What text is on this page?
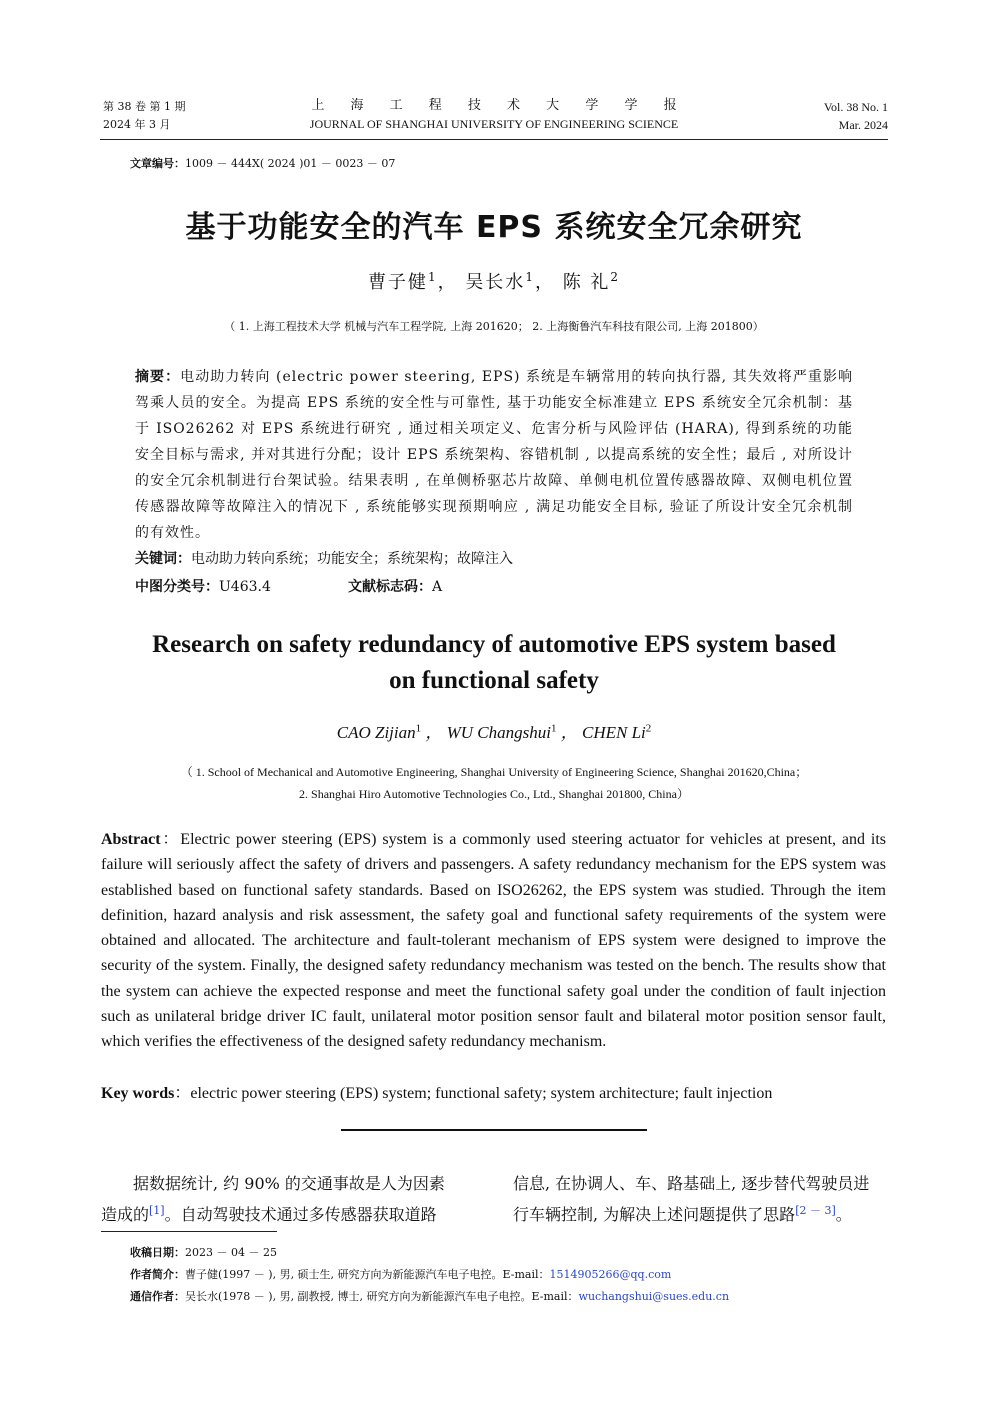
第 38 卷 第 1 期
2024 年 3 月
上 海 工 程 技 术 大 学 学 报
JOURNAL OF SHANGHAI UNIVERSITY OF ENGINEERING SCIENCE
Vol. 38 No. 1
Mar. 2024
文章编号：1009 － 444X( 2024 )01 － 0023 － 07
基于功能安全的汽车 EPS 系统安全冗余研究
曹子健$^1$， 吴长水$^1$， 陈 礼$^2$
（ 1. 上海工程技术大学 机械与汽车工程学院, 上海 201620； 2. 上海衡鲁汽车科技有限公司, 上海 201800）
摘要：电动助力转向 (electric power steering, EPS) 系统是车辆常用的转向执行器, 其失效将严重影响驾乘人员的安全。为提高 EPS 系统的安全性与可靠性, 基于功能安全标准建立 EPS 系统安全冗余机制：基于 ISO26262 对 EPS 系统进行研究 , 通过相关项定义、危害分析与风险评估 (HARA), 得到系统的功能安全目标与需求, 并对其进行分配；设计 EPS 系统架构、容错机制 , 以提高系统的安全性；最后 , 对所设计的安全冗余机制进行台架试验。结果表明 , 在单侧桥驱芯片故障、单侧电机位置传感器故障、双侧电机位置传感器故障等故障注入的情况下 , 系统能够实现预期响应 , 满足功能安全目标, 验证了所设计安全冗余机制的有效性。
关键词：电动助力转向系统；功能安全；系统架构；故障注入
中图分类号：U463.4	文献标志码：A
Research on safety redundancy of automotive EPS system based
on functional safety
CAO Zijian$^1$ ， WU Changshui$^1$ ， CHEN Li$^2$
（ 1. School of Mechanical and Automotive Engineering, Shanghai University of Engineering Science, Shanghai 201620,China；
2. Shanghai Hiro Automotive Technologies Co., Ltd., Shanghai 201800, China）
Abstract：Electric power steering (EPS) system is a commonly used steering actuator for vehicles at present, and its failure will seriously affect the safety of drivers and passengers. A safety redundancy mechanism for the EPS system was established based on functional safety standards. Based on ISO26262, the EPS system was studied. Through the item definition, hazard analysis and risk assessment, the safety goal and functional safety requirements of the system were obtained and allocated. The architecture and fault-tolerant mechanism of EPS system were designed to improve the security of the system. Finally, the designed safety redundancy mechanism was tested on the bench. The results show that the system can achieve the expected response and meet the functional safety goal under the condition of fault injection such as unilateral bridge driver IC fault, unilateral motor position sensor fault and bilateral motor position sensor fault, which verifies the effectiveness of the designed safety redundancy mechanism.
Key words：electric power steering (EPS) system; functional safety; system architecture; fault injection

据数据统计, 约 90% 的交通事故是人为因素

造成的[1]。自动驾驶技术通过多传感器获取道路

信息, 在协调人、车、路基础上, 逐步替代驾驶员进

行车辆控制, 为解决上述问题提供了思路[2 － 3]。

收稿日期：2023 － 04 － 25
作者简介：曹子健(1997 － ), 男, 硕士生, 研究方向为新能源汽车电子电控。E-mail：1514905266@qq.com
通信作者：吴长水(1978 － ), 男, 副教授, 博士, 研究方向为新能源汽车电子电控。E-mail：wuchangshui@sues.edu.cn
